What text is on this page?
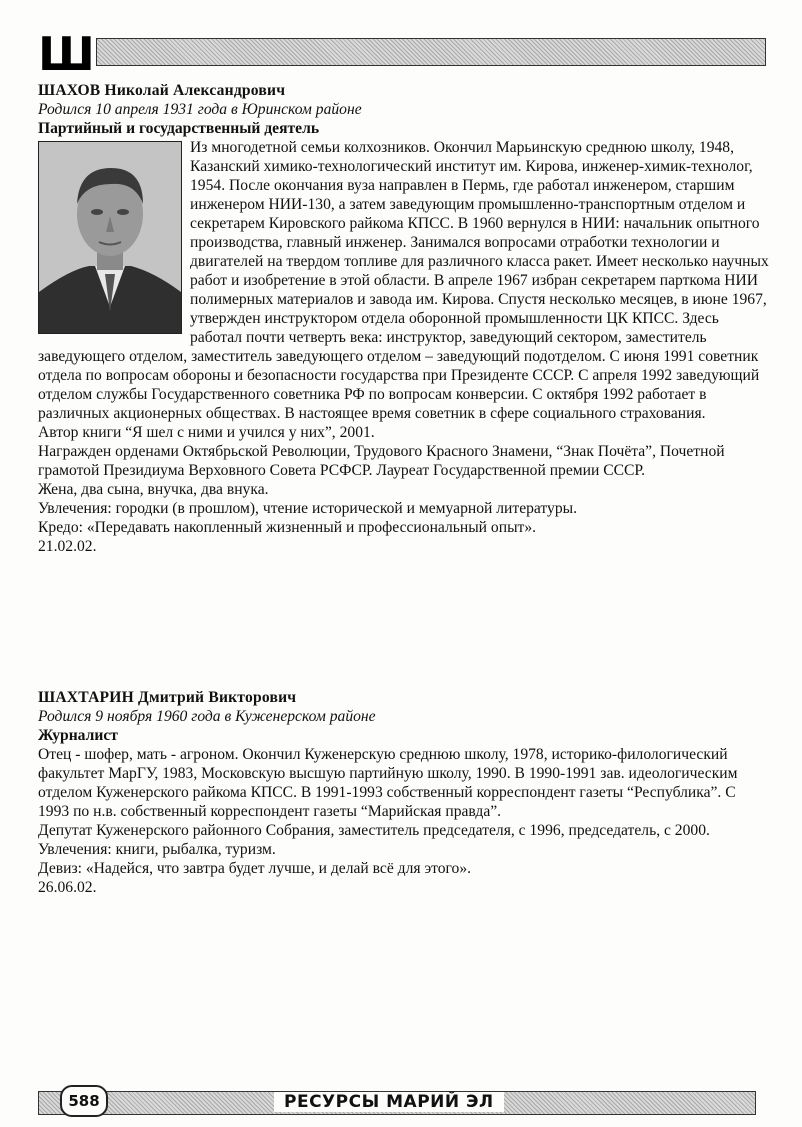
Ш
ШАХОВ Николай Александрович
Родился 10 апреля 1931 года в Юринском районе
Партийный и государственный деятель

Из многодетной семьи колхозников. Окончил Марьинскую среднюю школу, 1948, Казанский химико-технологический институт им. Кирова, инженер-химик-технолог, 1954. После окончания вуза направлен в Пермь, где работал инженером, старшим инженером НИИ-130, а затем заведующим промышленно-транспортным отделом и секретарем Кировского райкома КПСС. В 1960 вернулся в НИИ: начальник опытного производства, главный инженер. Занимался вопросами отработки технологии и двигателей на твердом топливе для различного класса ракет. Имеет несколько научных работ и изобретение в этой области. В апреле 1967 избран секретарем парткома НИИ полимерных материалов и завода им. Кирова. Спустя несколько месяцев, в июне 1967, утвержден инструктором отдела оборонной промышленности ЦК КПСС. Здесь работал почти четверть века: инструктор, заведующий сектором, заместитель заведующего отделом, заместитель заведующего отделом – заведующий подотделом. С июня 1991 советник отдела по вопросам обороны и безопасности государства при Президенте СССР. С апреля 1992 заведующий отделом службы Государственного советника РФ по вопросам конверсии. С октября 1992 работает в различных акционерных обществах. В настоящее время советник в сфере социального страхования.

Автор книги “Я шел с ними и учился у них”, 2001.

Награжден орденами Октябрьской Революции, Трудового Красного Знамени, “Знак Почёта”, Почетной грамотой Президиума Верховного Совета РСФСР. Лауреат Государственной премии СССР.

Жена, два сына, внучка, два внука.

Увлечения: городки (в прошлом), чтение исторической и мемуарной литературы.

Кредо: «Передавать накопленный жизненный и профессиональный опыт».

21.02.02.

ШАХТАРИН Дмитрий Викторович
Родился 9 ноября 1960 года в Куженерском районе
Журналист

Отец - шофер, мать - агроном. Окончил Куженерскую среднюю школу, 1978, историко-филологический факультет МарГУ, 1983, Московскую высшую партийную школу, 1990. В 1990-1991 зав. идеологическим отделом Куженерского райкома КПСС. В 1991-1993 собственный корреспондент газеты “Республика”. С 1993 по н.в. собственный корреспондент газеты “Марийская правда”.

Депутат Куженерского районного Собрания, заместитель председателя, с 1996, председатель, с 2000.

Увлечения: книги, рыбалка, туризм.

Девиз: «Надейся, что завтра будет лучше, и делай всё для этого».

26.06.02.

588	РЕСУРСЫ МАРИЙ ЭЛ
